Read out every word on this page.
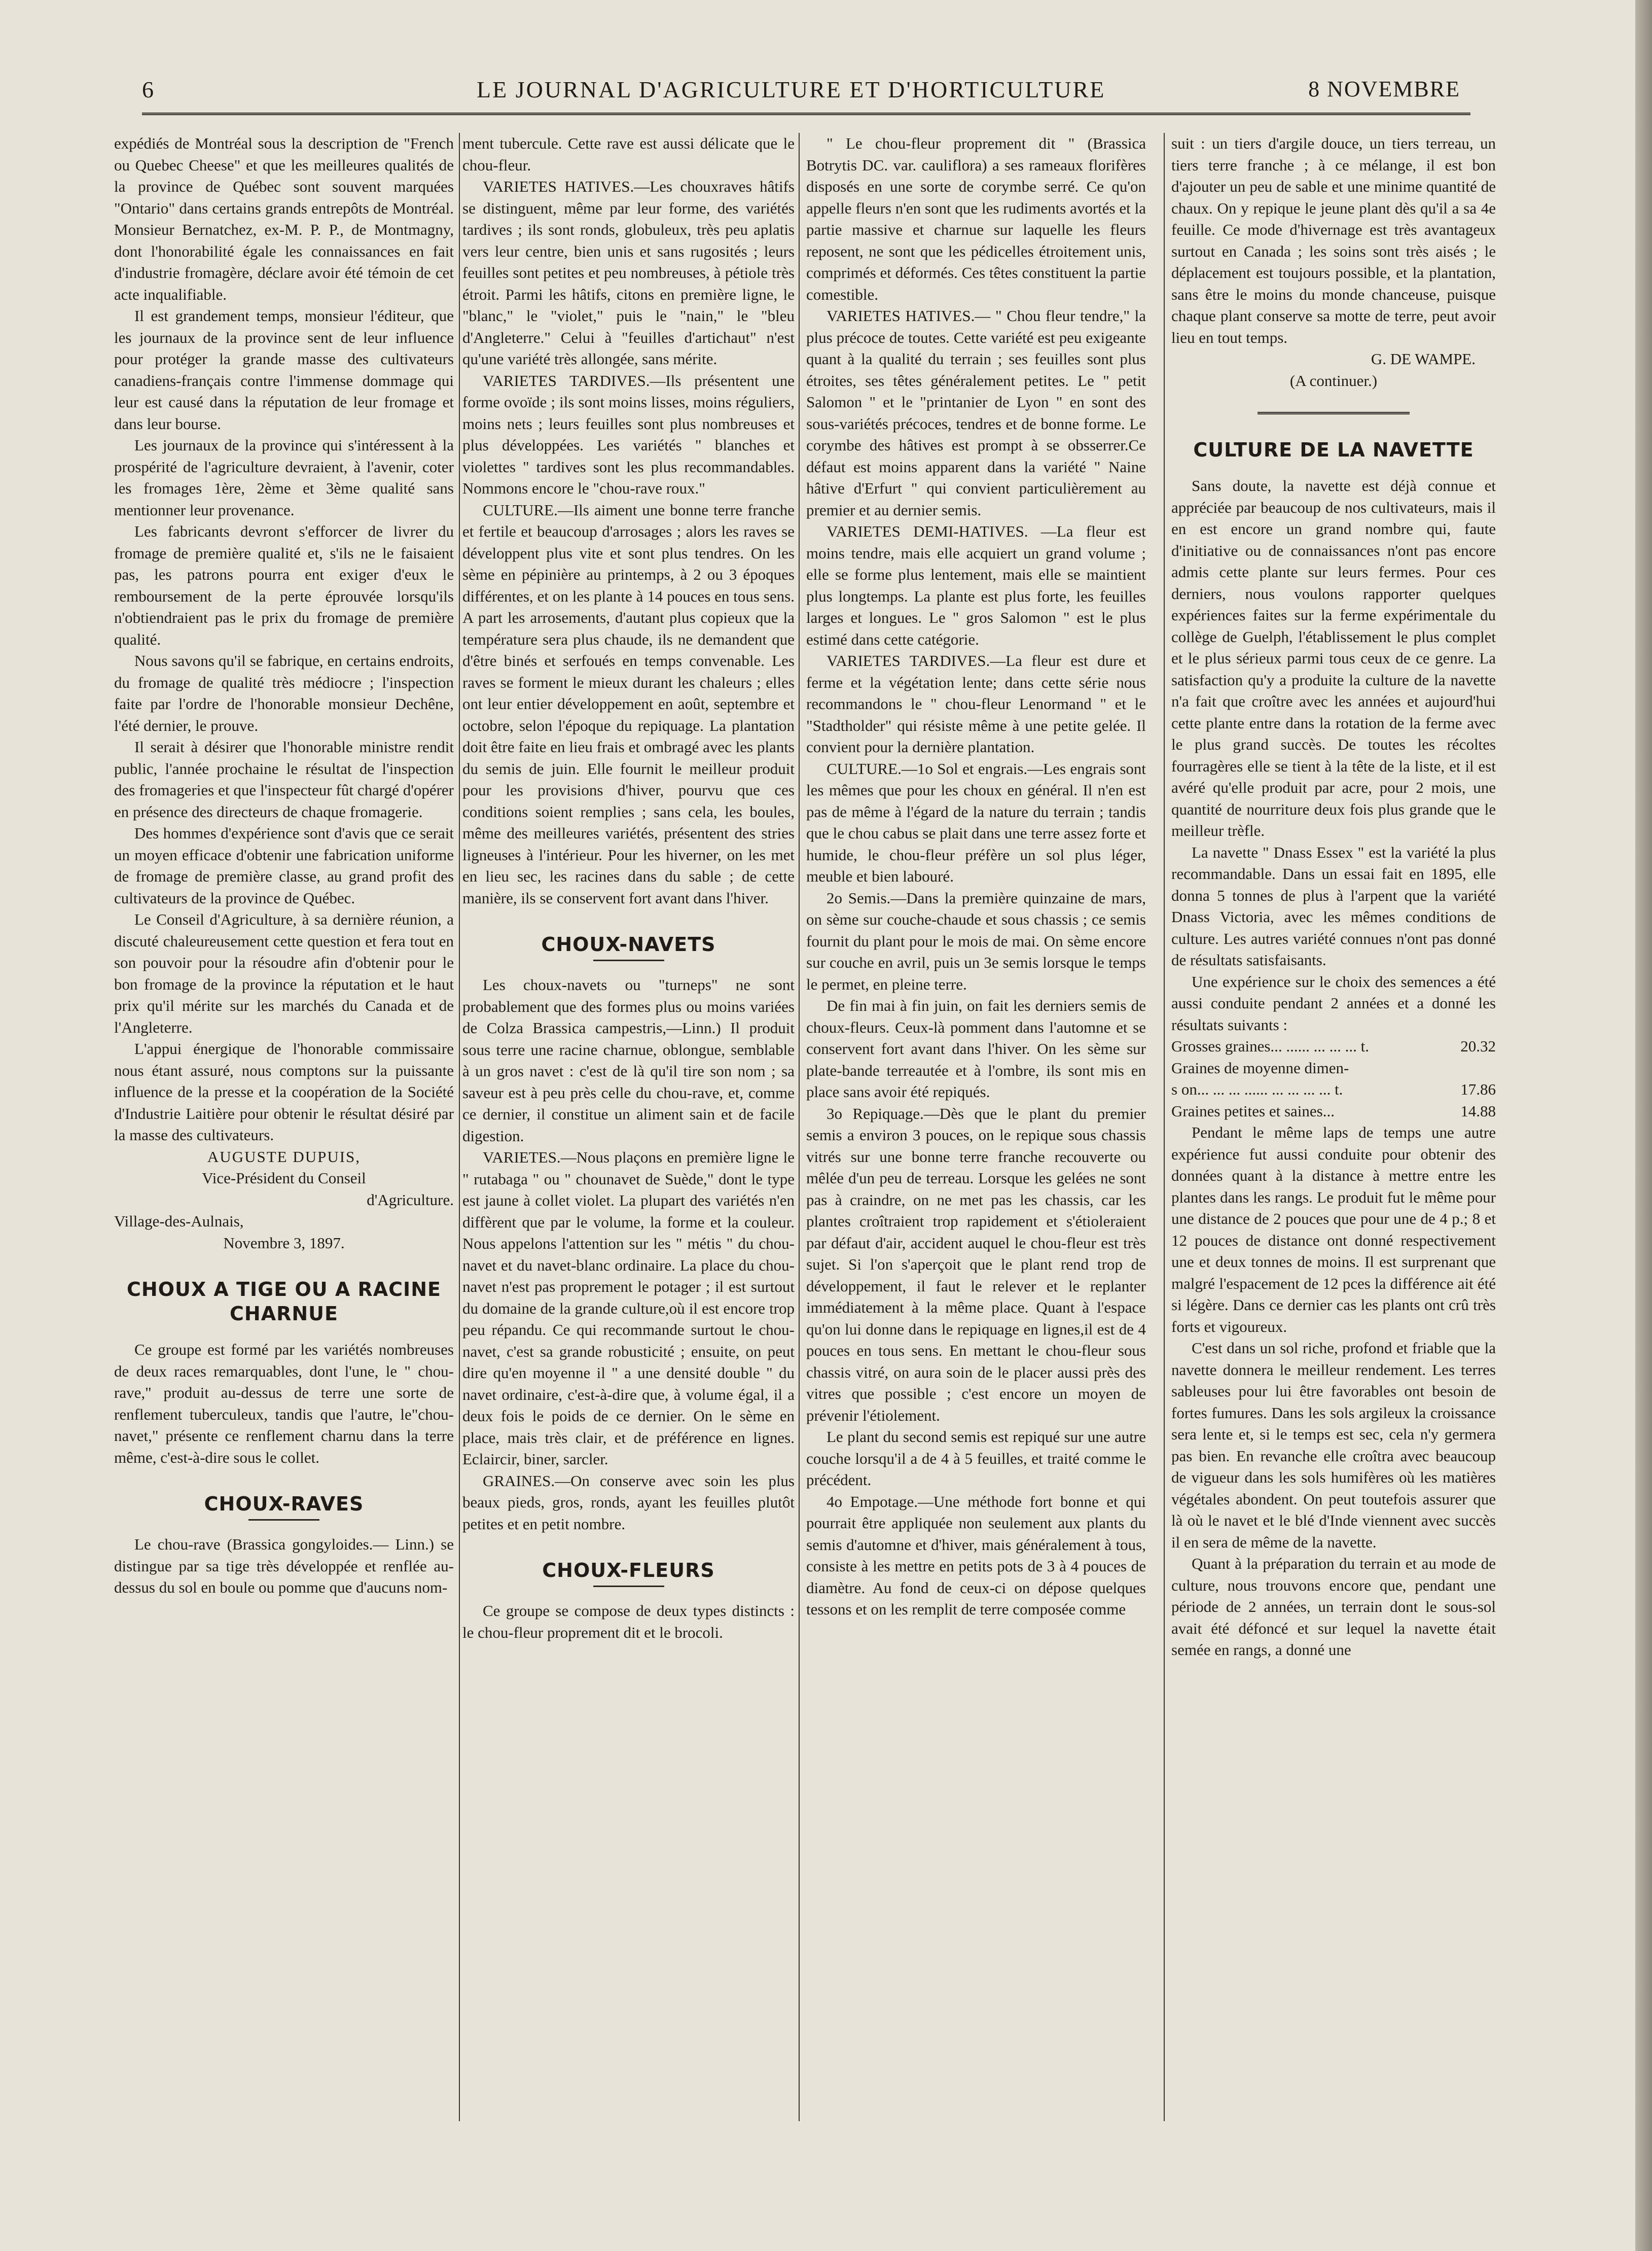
6	LE JOURNAL D'AGRICULTURE ET D'HORTICULTURE	8 NOVEMBRE

expédiés de Montréal sous la description de "French ou Quebec Cheese" et que les meilleures qualités de la province de Québec sont souvent marquées "Ontario" dans certains grands entrepôts de Montréal. Monsieur Bernatchez, ex-M. P. P., de Montmagny, dont l'honorabilité égale les connaissances en fait d'industrie fromagère, déclare avoir été témoin de cet acte inqualifiable.

Il est grandement temps, monsieur l'éditeur, que les journaux de la province sent de leur influence pour protéger la grande masse des cultivateurs canadiens-français contre l'immense dommage qui leur est causé dans la réputation de leur fromage et dans leur bourse.

Les journaux de la province qui s'intéressent à la prospérité de l'agriculture devraient, à l'avenir, coter les fromages 1ère, 2ème et 3ème qualité sans mentionner leur provenance.

Les fabricants devront s'efforcer de livrer du fromage de première qualité et, s'ils ne le faisaient pas, les patrons pourra ent exiger d'eux le remboursement de la perte éprouvée lorsqu'ils n'obtiendraient pas le prix du fromage de première qualité.

Nous savons qu'il se fabrique, en certains endroits, du fromage de qualité très médiocre ; l'inspection faite par l'ordre de l'honorable monsieur Dechêne, l'été dernier, le prouve.

Il serait à désirer que l'honorable ministre rendit public, l'année prochaine le résultat de l'inspection des fromageries et que l'inspecteur fût chargé d'opérer en présence des directeurs de chaque fromagerie.

Des hommes d'expérience sont d'avis que ce serait un moyen efficace d'obtenir une fabrication uniforme de fromage de première classe, au grand profit des cultivateurs de la province de Québec.

Le Conseil d'Agriculture, à sa dernière réunion, a discuté chaleureusement cette question et fera tout en son pouvoir pour la résoudre afin d'obtenir pour le bon fromage de la province la réputation et le haut prix qu'il mérite sur les marchés du Canada et de l'Angleterre.

L'appui énergique de l'honorable commissaire nous étant assuré, nous comptons sur la puissante influence de la presse et la coopération de la Société d'Industrie Laitière pour obtenir le résultat désiré par la masse des cultivateurs.

AUGUSTE DUPUIS,

Vice-Président du Conseil

d'Agriculture.

Village-des-Aulnais,

Novembre 3, 1897.

CHOUX A TIGE OU A RACINE CHARNUE

Ce groupe est formé par les variétés nombreuses de deux races remarquables, dont l'une, le " chou-rave," produit au-dessus de terre une sorte de renflement tuberculeux, tandis que l'autre, le"chou-navet," présente ce renflement charnu dans la terre même, c'est-à-dire sous le collet.

CHOUX-RAVES

Le chou-rave (Brassica gongyloides.— Linn.) se distingue par sa tige très développée et renflée au-dessus du sol en boule ou pomme que d'aucuns nom-

ment tubercule. Cette rave est aussi délicate que le chou-fleur.

VARIETES HATIVES.—Les chouxraves hâtifs se distinguent, même par leur forme, des variétés tardives ; ils sont ronds, globuleux, très peu aplatis vers leur centre, bien unis et sans rugosités ; leurs feuilles sont petites et peu nombreuses, à pétiole très étroit. Parmi les hâtifs, citons en première ligne, le "blanc," le "violet," puis le "nain," le "bleu d'Angleterre." Celui à "feuilles d'artichaut" n'est qu'une variété très allongée, sans mérite.

VARIETES TARDIVES.—Ils présentent une forme ovoïde ; ils sont moins lisses, moins réguliers, moins nets ; leurs feuilles sont plus nombreuses et plus développées. Les variétés " blanches et violettes " tardives sont les plus recommandables. Nommons encore le "chou-rave roux."

CULTURE.—Ils aiment une bonne terre franche et fertile et beaucoup d'arrosages ; alors les raves se développent plus vite et sont plus tendres. On les sème en pépinière au printemps, à 2 ou 3 époques différentes, et on les plante à 14 pouces en tous sens. A part les arrosements, d'autant plus copieux que la température sera plus chaude, ils ne demandent que d'être binés et serfoués en temps convenable. Les raves se forment le mieux durant les chaleurs ; elles ont leur entier développement en août, septembre et octobre, selon l'époque du repiquage. La plantation doit être faite en lieu frais et ombragé avec les plants du semis de juin. Elle fournit le meilleur produit pour les provisions d'hiver, pourvu que ces conditions soient remplies ; sans cela, les boules, même des meilleures variétés, présentent des stries ligneuses à l'intérieur. Pour les hiverner, on les met en lieu sec, les racines dans du sable ; de cette manière, ils se conservent fort avant dans l'hiver.

CHOUX-NAVETS

Les choux-navets ou "turneps" ne sont probablement que des formes plus ou moins variées de Colza Brassica campestris,—Linn.) Il produit sous terre une racine charnue, oblongue, semblable à un gros navet : c'est de là qu'il tire son nom ; sa saveur est à peu près celle du chou-rave, et, comme ce dernier, il constitue un aliment sain et de facile digestion.

VARIETES.—Nous plaçons en première ligne le " rutabaga " ou " chounavet de Suède," dont le type est jaune à collet violet. La plupart des variétés n'en diffèrent que par le volume, la forme et la couleur. Nous appelons l'attention sur les " métis " du chou-navet et du navet-blanc ordinaire. La place du chou-navet n'est pas proprement le potager ; il est surtout du domaine de la grande culture,où il est encore trop peu répandu. Ce qui recommande surtout le chou-navet, c'est sa grande robusticité ; ensuite, on peut dire qu'en moyenne il " a une densité double " du navet ordinaire, c'est-à-dire que, à volume égal, il a deux fois le poids de ce dernier. On le sème en place, mais très clair, et de préférence en lignes. Eclaircir, biner, sarcler.

GRAINES.—On conserve avec soin les plus beaux pieds, gros, ronds, ayant les feuilles plutôt petites et en petit nombre.

CHOUX-FLEURS

Ce groupe se compose de deux types distincts : le chou-fleur proprement dit et le brocoli.

" Le chou-fleur proprement dit " (Brassica Botrytis DC. var. cauliflora) a ses rameaux florifères disposés en une sorte de corymbe serré. Ce qu'on appelle fleurs n'en sont que les rudiments avortés et la partie massive et charnue sur laquelle les fleurs reposent, ne sont que les pédicelles étroitement unis, comprimés et déformés. Ces têtes constituent la partie comestible.

VARIETES HATIVES.— " Chou fleur tendre," la plus précoce de toutes. Cette variété est peu exigeante quant à la qualité du terrain ; ses feuilles sont plus étroites, ses têtes généralement petites. Le " petit Salomon " et le "printanier de Lyon " en sont des sous-variétés précoces, tendres et de bonne forme. Le corymbe des hâtives est prompt à se obsserrer.Ce défaut est moins apparent dans la variété " Naine hâtive d'Erfurt " qui convient particulièrement au premier et au dernier semis.

VARIETES DEMI-HATIVES. —La fleur est moins tendre, mais elle acquiert un grand volume ; elle se forme plus lentement, mais elle se maintient plus longtemps. La plante est plus forte, les feuilles larges et longues. Le " gros Salomon " est le plus estimé dans cette catégorie.

VARIETES TARDIVES.—La fleur est dure et ferme et la végétation lente; dans cette série nous recommandons le " chou-fleur Lenormand " et le "Stadtholder" qui résiste même à une petite gelée. Il convient pour la dernière plantation.

CULTURE.—1o Sol et engrais.—Les engrais sont les mêmes que pour les choux en général. Il n'en est pas de même à l'égard de la nature du terrain ; tandis que le chou cabus se plait dans une terre assez forte et humide, le chou-fleur préfère un sol plus léger, meuble et bien labouré.

2o Semis.—Dans la première quinzaine de mars, on sème sur couche-chaude et sous chassis ; ce semis fournit du plant pour le mois de mai. On sème encore sur couche en avril, puis un 3e semis lorsque le temps le permet, en pleine terre.

De fin mai à fin juin, on fait les derniers semis de choux-fleurs. Ceux-là pomment dans l'automne et se conservent fort avant dans l'hiver. On les sème sur plate-bande terreautée et à l'ombre, ils sont mis en place sans avoir été repiqués.

3o Repiquage.—Dès que le plant du premier semis a environ 3 pouces, on le repique sous chassis vitrés sur une bonne terre franche recouverte ou mêlée d'un peu de terreau. Lorsque les gelées ne sont pas à craindre, on ne met pas les chassis, car les plantes croîtraient trop rapidement et s'étioleraient par défaut d'air, accident auquel le chou-fleur est très sujet. Si l'on s'aperçoit que le plant rend trop de développement, il faut le relever et le replanter immédiatement à la même place. Quant à l'espace qu'on lui donne dans le repiquage en lignes,il est de 4 pouces en tous sens. En mettant le chou-fleur sous chassis vitré, on aura soin de le placer aussi près des vitres que possible ; c'est encore un moyen de prévenir l'étiolement.

Le plant du second semis est repiqué sur une autre couche lorsqu'il a de 4 à 5 feuilles, et traité comme le précédent.

4o Empotage.—Une méthode fort bonne et qui pourrait être appliquée non seulement aux plants du semis d'automne et d'hiver, mais généralement à tous, consiste à les mettre en petits pots de 3 à 4 pouces de diamètre. Au fond de ceux-ci on dépose quelques tessons et on les remplit de terre composée comme

suit : un tiers d'argile douce, un tiers terreau, un tiers terre franche ; à ce mélange, il est bon d'ajouter un peu de sable et une minime quantité de chaux. On y repique le jeune plant dès qu'il a sa 4e feuille. Ce mode d'hivernage est très avantageux surtout en Canada ; les soins sont très aisés ; le déplacement est toujours possible, et la plantation, sans être le moins du monde chanceuse, puisque chaque plant conserve sa motte de terre, peut avoir lieu en tout temps.

G. DE WAMPE.

(A continuer.)

CULTURE DE LA NAVETTE

Sans doute, la navette est déjà connue et appréciée par beaucoup de nos cultivateurs, mais il en est encore un grand nombre qui, faute d'initiative ou de connaissances n'ont pas encore admis cette plante sur leurs fermes. Pour ces derniers, nous voulons rapporter quelques expériences faites sur la ferme expérimentale du collège de Guelph, l'établissement le plus complet et le plus sérieux parmi tous ceux de ce genre. La satisfaction qu'y a produite la culture de la navette n'a fait que croître avec les années et aujourd'hui cette plante entre dans la rotation de la ferme avec le plus grand succès. De toutes les récoltes fourragères elle se tient à la tête de la liste, et il est avéré qu'elle produit par acre, pour 2 mois, une quantité de nourriture deux fois plus grande que le meilleur trèfle.

La navette " Dnass Essex " est la variété la plus recommandable. Dans un essai fait en 1895, elle donna 5 tonnes de plus à l'arpent que la variété Dnass Victoria, avec les mêmes conditions de culture. Les autres variété connues n'ont pas donné de résultats satisfaisants.

Une expérience sur le choix des semences a été aussi conduite pendant 2 années et a donné les résultats suivants :

Grosses graines... ...... ... ... ... t.	20.32
Graines de moyenne dimen-
s on... ... ... ...... ... ... ... ... t.	17.86
Graines petites et saines...	14.88

Pendant le même laps de temps une autre expérience fut aussi conduite pour obtenir des données quant à la distance à mettre entre les plantes dans les rangs. Le produit fut le même pour une distance de 2 pouces que pour une de 4 p.; 8 et 12 pouces de distance ont donné respectivement une et deux tonnes de moins. Il est surprenant que malgré l'espacement de 12 pces la différence ait été si légère. Dans ce dernier cas les plants ont crû très forts et vigoureux.

C'est dans un sol riche, profond et friable que la navette donnera le meilleur rendement. Les terres sableuses pour lui être favorables ont besoin de fortes fumures. Dans les sols argileux la croissance sera lente et, si le temps est sec, cela n'y germera pas bien. En revanche elle croîtra avec beaucoup de vigueur dans les sols humifères où les matières végétales abondent. On peut toutefois assurer que là où le navet et le blé d'Inde viennent avec succès il en sera de même de la navette.

Quant à la préparation du terrain et au mode de culture, nous trouvons encore que, pendant une période de 2 années, un terrain dont le sous-sol avait été défoncé et sur lequel la navette était semée en rangs, a donné une
